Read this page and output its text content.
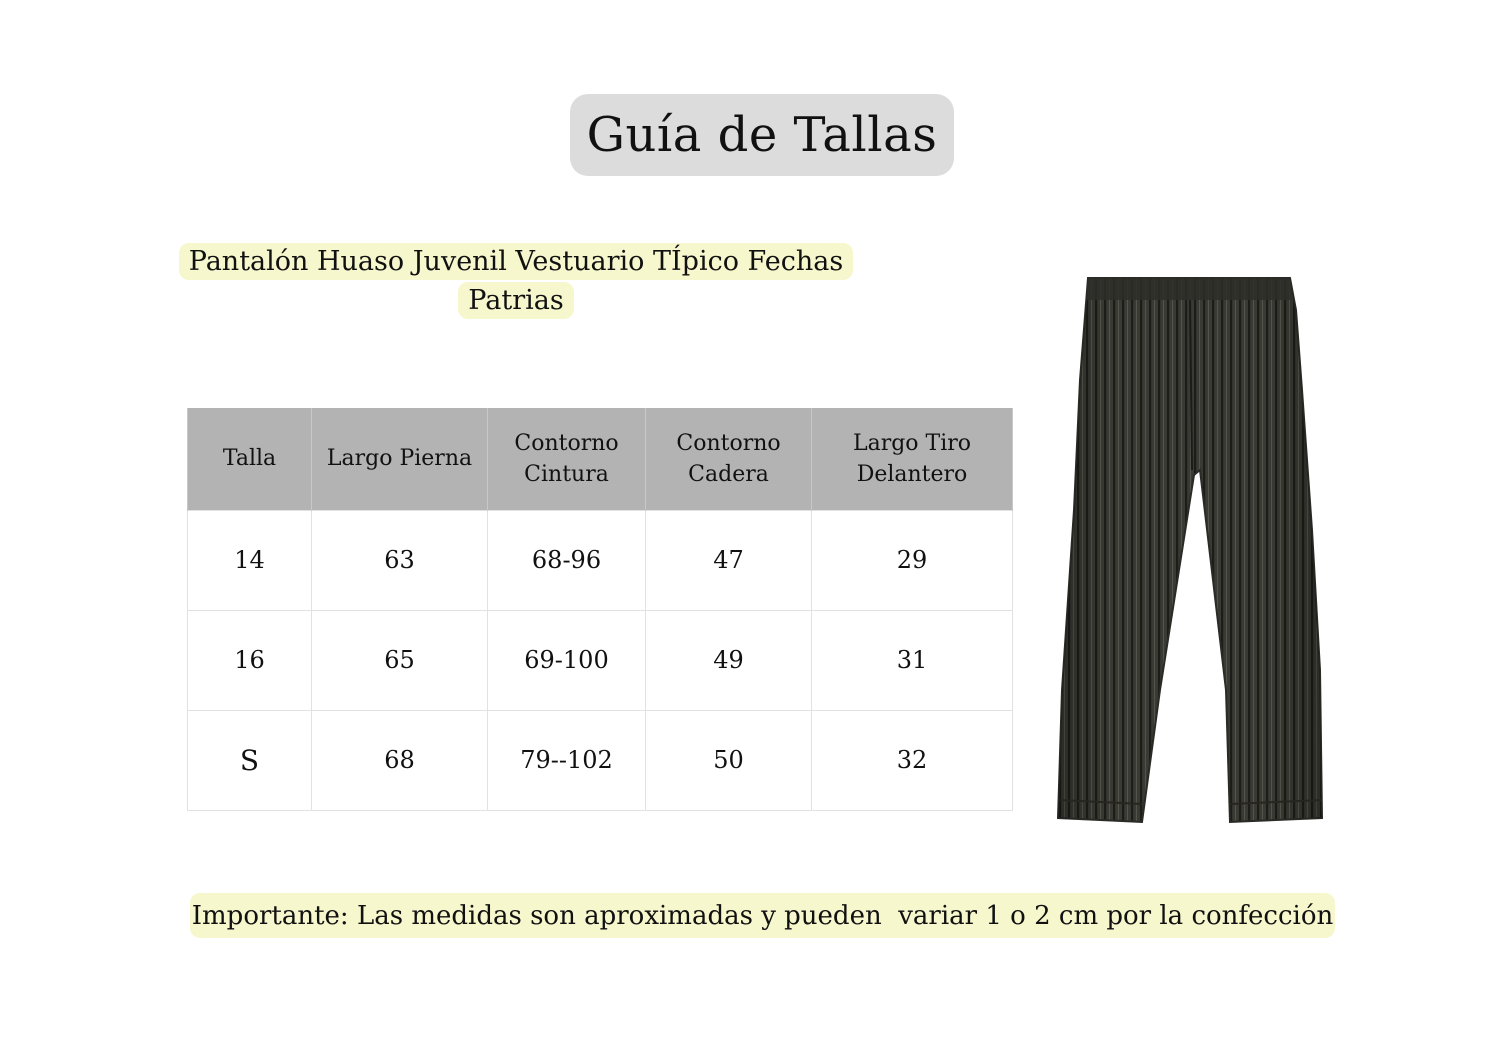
Guía de Tallas
Pantalón Huaso Juvenil Vestuario TÍpico Fechas Patrias
Talla	Largo Pierna	Contorno Cintura	Contorno Cadera	Largo Tiro Delantero
14	63	68-96	47	29
16	65	69-100	49	31
S	68	79--102	50	32
Importante: Las medidas son aproximadas y pueden  variar 1 o 2 cm por la confección
